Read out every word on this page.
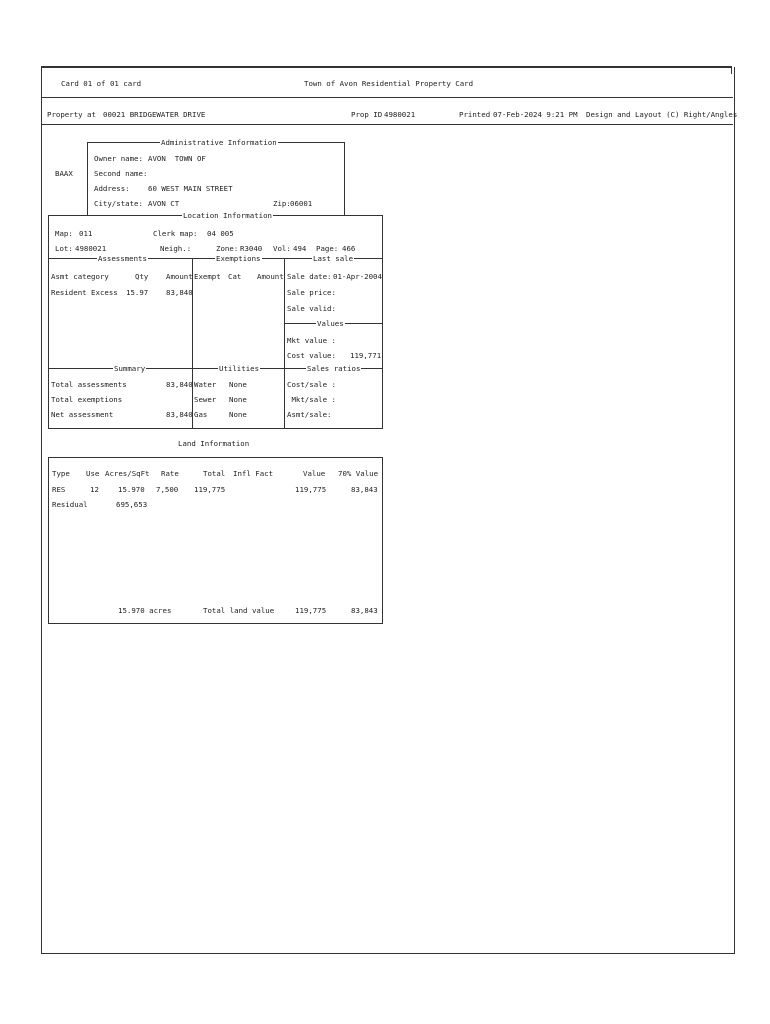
Card 01 of 01 card	Town of Avon Residential Property Card
Property at 00021 BRIDGEWATER DRIVE	Prop ID 4980021	Printed 07-Feb-2024 9:21 PM Design and Layout (C) Right/Angles
Administrative Information
BAAX
Owner name: AVON  TOWN OF
Second name:
Address: 60 WEST MAIN STREET
City/state: AVON CT	Zip: 06001
Location Information
Map: 011	Clerk map: 04 005
Lot: 4980021	Neigh.:	Zone: R3040 Vol: 494 Page: 466
Assessments
Asmt category	Qty Amount
Resident Excess 15.97 83,840
Exemptions
Exempt Cat Amount
Last sale
Sale date: 01-Apr-2004
Sale price:
Sale valid:
Values
Mkt value :
Cost value: 119,771
Summary	Utilities	Sales ratios
Total assessments	83,840
Total exemptions
Net assessment	83,840
Water None
Sewer None
Gas	None
Cost/sale :
Mkt/sale :
Asmt/sale:
Land Information
Type Use Acres/SqFt Rate	Total Infl Fact	Value 70% Value
RES	12	15.970 7,500 119,775	119,775	83,843
Residual	695,653
15.970 acres	Total land value	119,775	83,843
